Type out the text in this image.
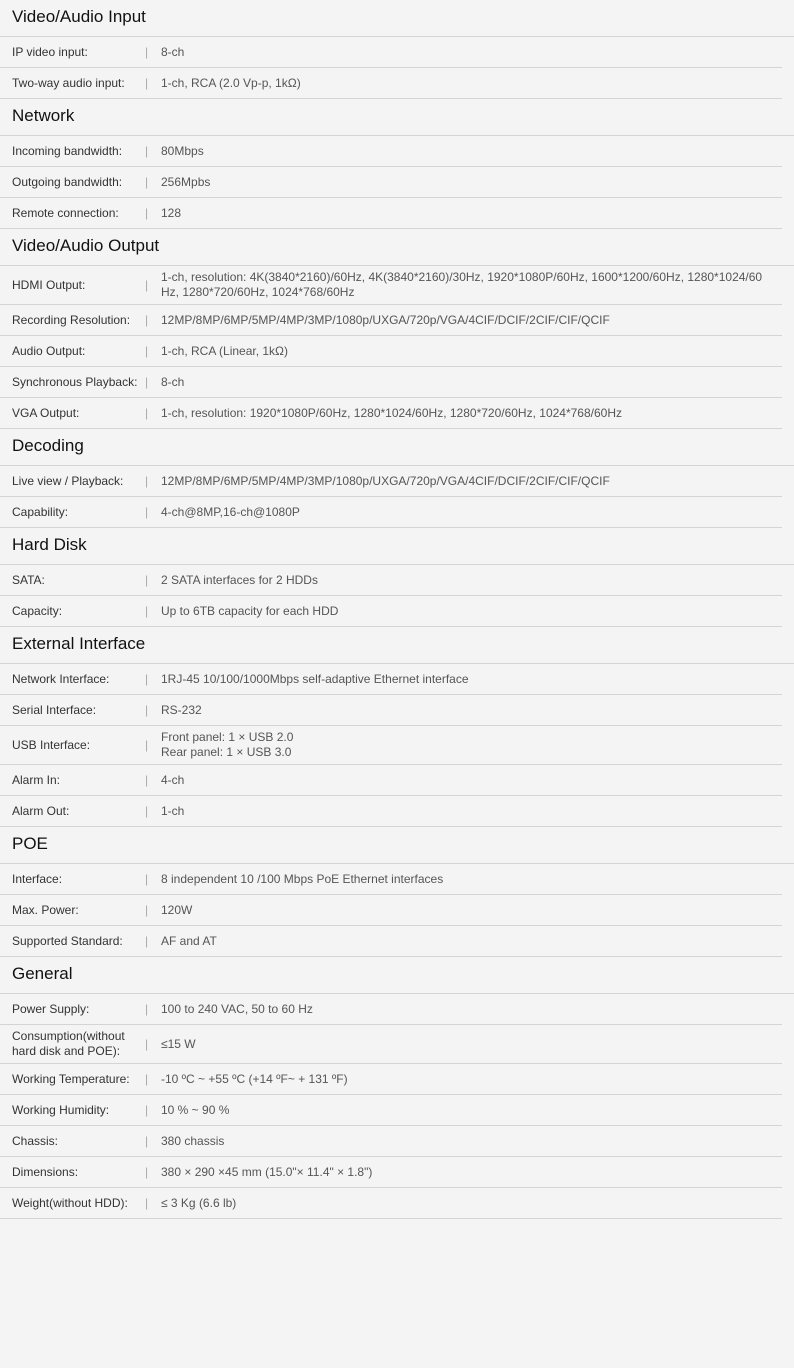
Video/Audio Input
IP video input:	|	8-ch
Two-way audio input:	|	1-ch, RCA (2.0 Vp-p, 1kΩ)
Network
Incoming bandwidth:	|	80Mbps
Outgoing bandwidth:	|	256Mpbs
Remote connection:	|	128
Video/Audio Output
HDMI Output:	|
1-ch, resolution: 4K(3840*2160)/60Hz, 4K(3840*2160)/30Hz, 1920*1080P/60Hz, 1600*1200/60Hz, 1280*1024/60
Hz, 1280*720/60Hz, 1024*768/60Hz
Recording Resolution:	|	12MP/8MP/6MP/5MP/4MP/3MP/1080p/UXGA/720p/VGA/4CIF/DCIF/2CIF/CIF/QCIF
Audio Output:	|	1-ch, RCA (Linear, 1kΩ)
Synchronous Playback: |	8-ch
VGA Output:	|	1-ch, resolution: 1920*1080P/60Hz, 1280*1024/60Hz, 1280*720/60Hz, 1024*768/60Hz
Decoding
Live view / Playback:	|	12MP/8MP/6MP/5MP/4MP/3MP/1080p/UXGA/720p/VGA/4CIF/DCIF/2CIF/CIF/QCIF
Capability:	|	4-ch@8MP,16-ch@1080P
Hard Disk
SATA:	|	2 SATA interfaces for 2 HDDs
Capacity:	|	Up to 6TB capacity for each HDD
External Interface
Network Interface:	|	1RJ-45 10/100/1000Mbps self-adaptive Ethernet interface
Serial Interface:	|	RS-232
USB Interface:	|
Front panel: 1 × USB 2.0
Rear panel: 1 × USB 3.0
Alarm In:	|	4-ch
Alarm Out:	|	1-ch
POE
Interface:	|	8 independent 10 /100 Mbps PoE Ethernet interfaces
Max. Power:	|	120W
Supported Standard:	|	AF and AT
General
Power Supply:	|	100 to 240 VAC, 50 to 60 Hz
Consumption(without hard disk and POE):
|	≤15 W
Working Temperature:	|	-10 ºC ~ +55 ºC (+14 ºF~ + 131 ºF)
Working Humidity:	|	10 % ~ 90 %
Chassis:	|	380 chassis
Dimensions:	|	380 × 290 ×45 mm (15.0"× 11.4" × 1.8")
Weight(without HDD):	|	≤ 3 Kg (6.6 lb)
